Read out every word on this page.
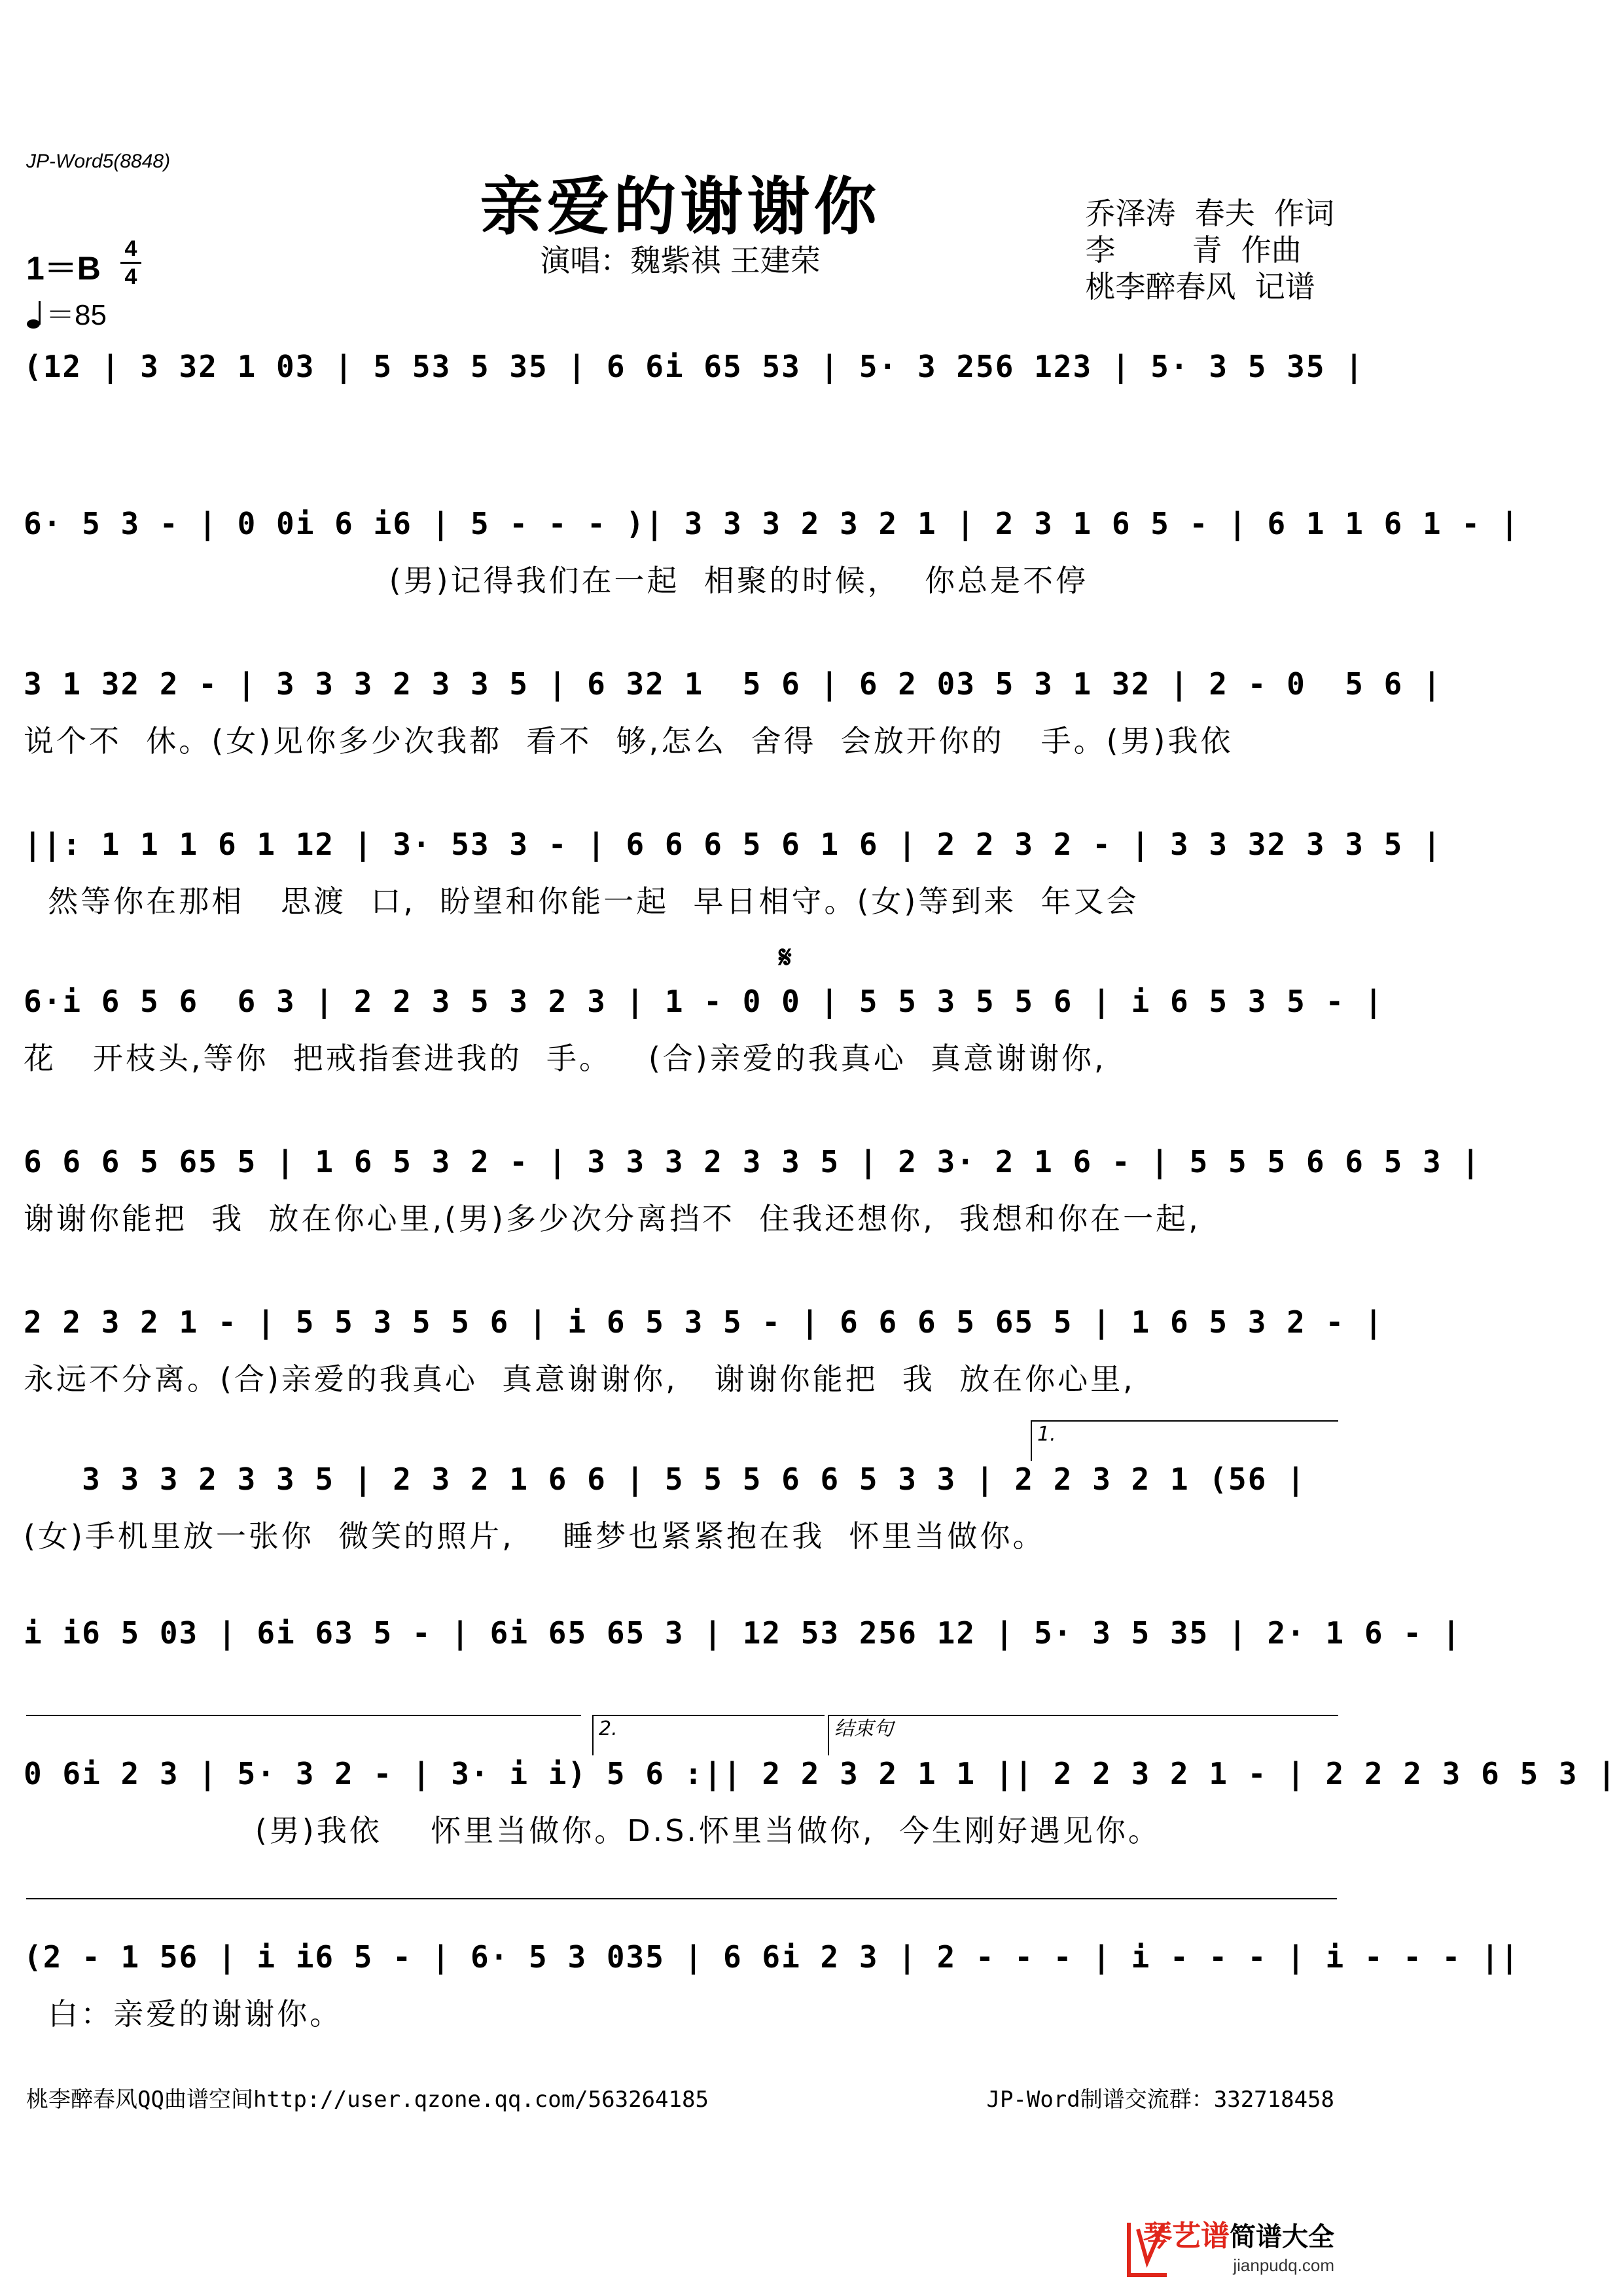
JP-Word5(8848)
亲爱的谢谢你
演唱：魏紫祺 王建荣
1＝B
4
4
＝85
乔泽涛  春夫  作词
李        青  作曲
桃李醉春风  记谱
(12 | 3 32 1 03 | 5 53 5 35 | 6 6i 65 53 | 5· 3 256 123 | 5· 3 5 35 |
6· 5 3 - | 0 0i 6 i6 | 5 - - - )| 3 3 3 2 3 2 1 | 2 3 1 6 5 - | 6 1 1 6 1 - |
(男)记得我们在一起  相聚的时候，  你总是不停
3 1 32 2 - | 3 3 3 2 3 3 5 | 6 32 1  5 6 | 6 2 03 5 3 1 32 | 2 - 0  5 6 |
说个不  休。(女)见你多少次我都  看不  够,怎么  舍得  会放开你的   手。(男)我依
||: 1 1 1 6 1 12 | 3· 53 3 - | 6 6 6 5 6 1 6 | 2 2 3 2 - | 3 3 32 3 3 5 |
然等你在那相   思渡  口,  盼望和你能一起  早日相守。(女)等到来  年又会
𝄋
6·i 6 5 6  6 3 | 2 2 3 5 3 2 3 | 1 - 0 0 | 5 5 3 5 5 6 | i 6 5 3 5 - |
花   开枝头,等你  把戒指套进我的  手。   (合)亲爱的我真心  真意谢谢你,
6 6 6 5 65 5 | 1 6 5 3 2 - | 3 3 3 2 3 3 5 | 2 3· 2 1 6 - | 5 5 5 6 6 5 3 |
谢谢你能把  我  放在你心里,(男)多少次分离挡不  住我还想你,  我想和你在一起,
2 2 3 2 1 - | 5 5 3 5 5 6 | i 6 5 3 5 - | 6 6 6 5 65 5 | 1 6 5 3 2 - |
永远不分离。(合)亲爱的我真心  真意谢谢你,   谢谢你能把  我  放在你心里,
1.
3 3 3 2 3 3 5 | 2 3 2 1 6 6 | 5 5 5 6 6 5 3 3 | 2 2 3 2 1 (56 |
(女)手机里放一张你  微笑的照片,    睡梦也紧紧抱在我  怀里当做你。
i i6 5 03 | 6i 63 5 - | 6i 65 65 3 | 12 53 256 12 | 5· 3 5 35 | 2· 1 6 - |
2.	结束句
0 6i 2 3 | 5· 3 2 - | 3· i i) 5 6 :|| 2 2 3 2 1 1 || 2 2 3 2 1 - | 2 2 2 3 6 5 3 |
(男)我依    怀里当做你。D.S.怀里当做你,  今生刚好遇见你。
(2 - 1 56 | i i6 5 - | 6· 5 3 035 | 6 6i 2 3 | 2 - - - | i - - - | i - - - ||
白：亲爱的谢谢你。
桃李醉春风QQ曲谱空间http://user.qzone.qq.com/563264185	JP-Word制谱交流群：332718458
琴艺谱简谱大全
jianpudq.com
